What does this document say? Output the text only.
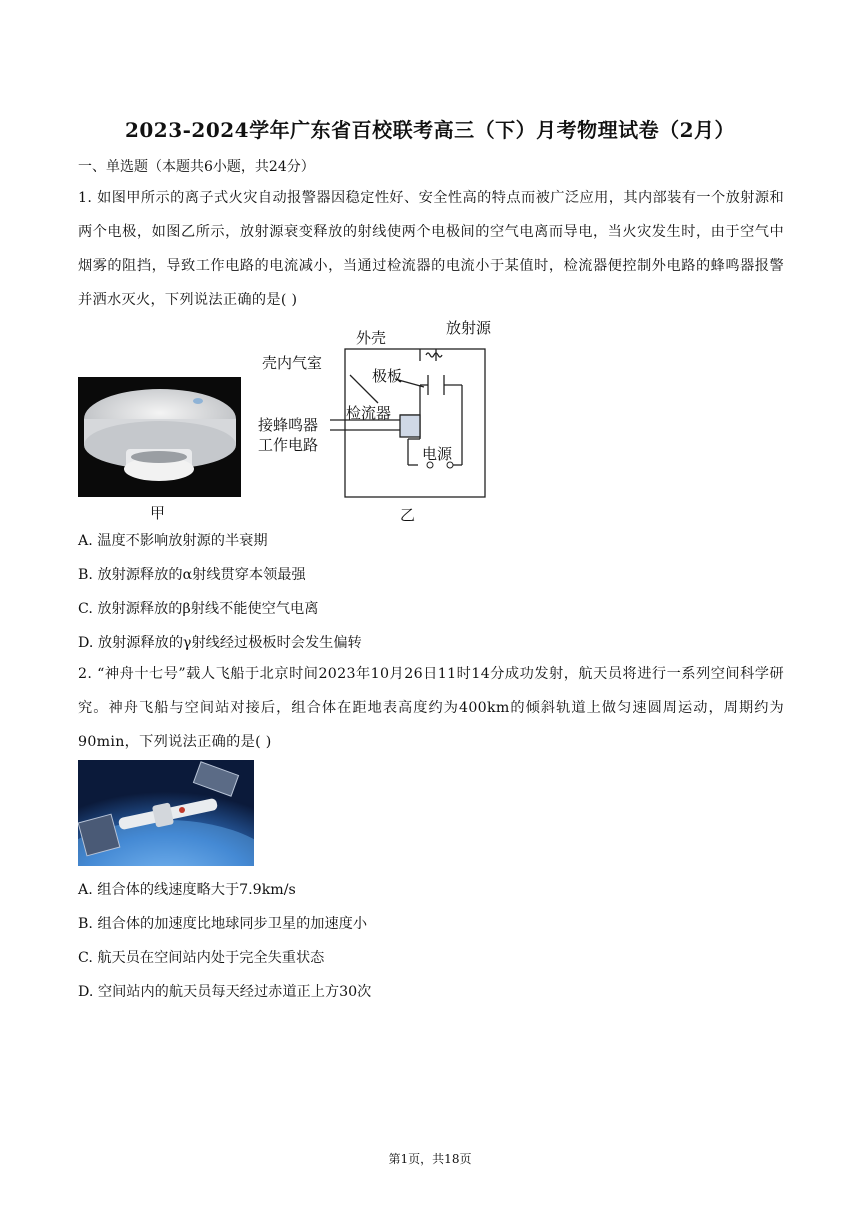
2023-2024学年广东省百校联考高三（下）月考物理试卷（2月）
一、单选题（本题共6小题，共24分）
1. 如图甲所示的离子式火灾自动报警器因稳定性好、安全性高的特点而被广泛应用，其内部装有一个放射源和两个电极，如图乙所示，放射源衰变释放的射线使两个电极间的空气电离而导电，当火灾发生时，由于空气中烟雾的阻挡，导致工作电路的电流减小，当通过检流器的电流小于某值时，检流器便控制外电路的蜂鸣器报警并洒水灭火，下列说法正确的是( )
甲
外壳
放射源
壳内气室
极板
接蜂鸣器
工作电路
检流器
电源
乙
A. 温度不影响放射源的半衰期
B. 放射源释放的α射线贯穿本领最强
C. 放射源释放的β射线不能使空气电离
D. 放射源释放的γ射线经过极板时会发生偏转
2. “神舟十七号”载人飞船于北京时间2023年10月26日11时14分成功发射，航天员将进行一系列空间科学研究。神舟飞船与空间站对接后，组合体在距地表高度约为400km的倾斜轨道上做匀速圆周运动，周期约为90min，下列说法正确的是( )
A. 组合体的线速度略大于7.9km/s
B. 组合体的加速度比地球同步卫星的加速度小
C. 航天员在空间站内处于完全失重状态
D. 空间站内的航天员每天经过赤道正上方30次
第1页，共18页
